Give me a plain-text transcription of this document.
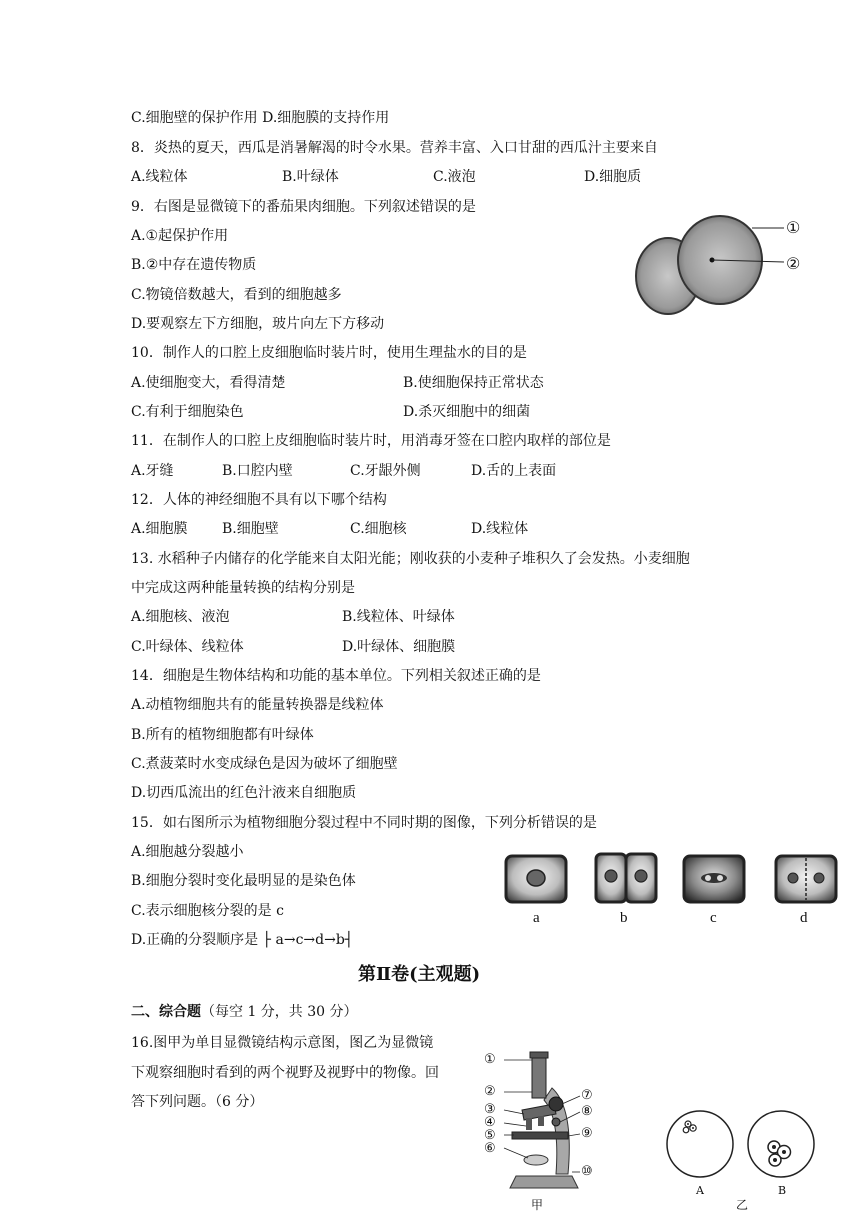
C.细胞壁的保护作用 D.细胞膜的支持作用
8．炎热的夏天，西瓜是消暑解渴的时令水果。营养丰富、入口甘甜的西瓜汁主要来自
A.线粒体	B.叶绿体	C.液泡	D.细胞质
9．右图是显微镜下的番茄果肉细胞。下列叙述错误的是
A.①起保护作用
B.②中存在遗传物质
C.物镜倍数越大，看到的细胞越多
D.要观察左下方细胞，玻片向左下方移动
①
②
10．制作人的口腔上皮细胞临时装片时，使用生理盐水的目的是
A.使细胞变大，看得清楚	B.使细胞保持正常状态
C.有利于细胞染色	D.杀灭细胞中的细菌
11．在制作人的口腔上皮细胞临时装片时，用消毒牙签在口腔内取样的部位是
A.牙缝	B.口腔内壁	C.牙龈外侧	D.舌的上表面
12．人体的神经细胞不具有以下哪个结构
A.细胞膜 B.细胞壁	C.细胞核	D.线粒体
13. 水稻种子内储存的化学能来自太阳光能；刚收获的小麦种子堆积久了会发热。小麦细胞
中完成这两种能量转换的结构分别是
A.细胞核、液泡	B.线粒体、叶绿体
C.叶绿体、线粒体	D.叶绿体、细胞膜
14．细胞是生物体结构和功能的基本单位。下列相关叙述正确的是
A.动植物细胞共有的能量转换器是线粒体
B.所有的植物细胞都有叶绿体
C.煮菠菜时水变成绿色是因为破坏了细胞壁
D.切西瓜流出的红色汁液来自细胞质
15．如右图所示为植物细胞分裂过程中不同时期的图像，下列分析错误的是
A.细胞越分裂越小
B.细胞分裂时变化最明显的是染色体
C.表示细胞核分裂的是 c
D.正确的分裂顺序是 ├ a→c→d→b┤
a	b	c	d
第Ⅱ卷(主观题)
二、综合题（每空 1 分，共 30 分）
16.图甲为单目显微镜结构示意图，图乙为显微镜
下观察细胞时看到的两个视野及视野中的物像。回
答下列问题。（6 分）
①
②
③
④
⑤
⑥
⑦
⑧
⑨
⑩
甲
A
乙
B
